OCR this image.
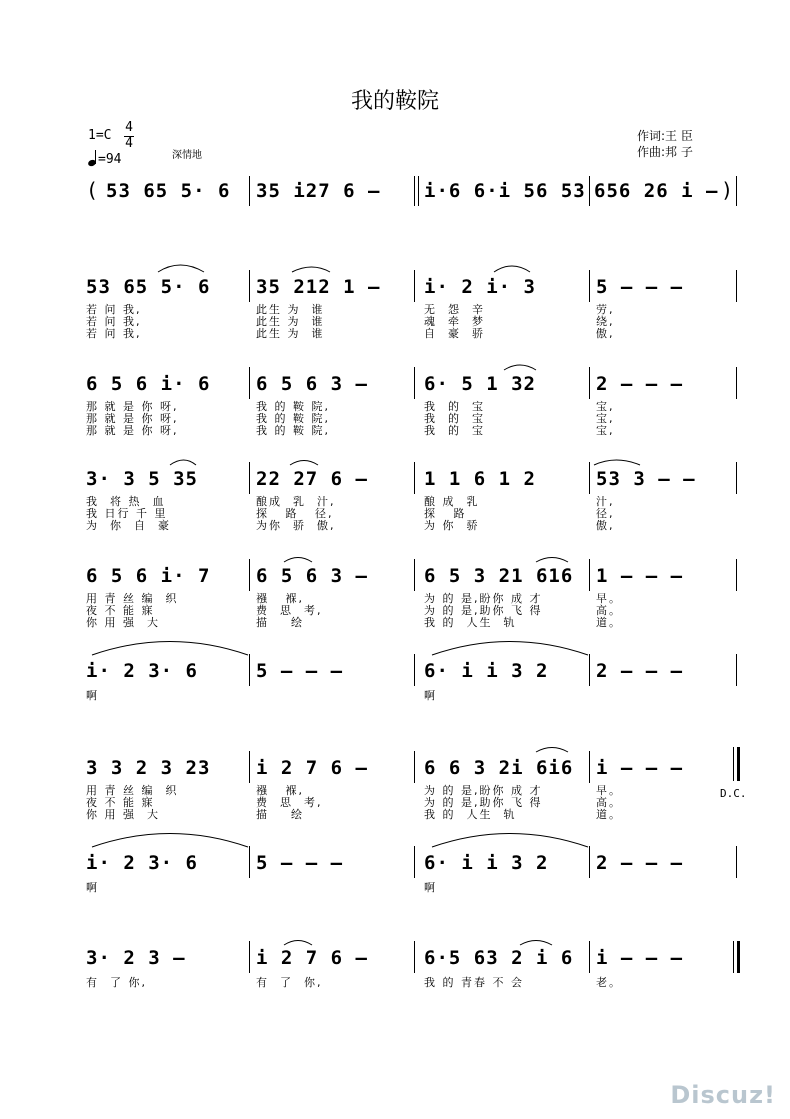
我的鞍院
1=C
4
4
=94	深情地
作词:王 臣
作曲:邦 子
( 53 65 5· 6 35 i27 6 – i·6 6·i 56 53 656 26 i – )
53 65 5· 6 35 212 1 – i· 2 i· 3	5 – – –
若 问 我,	此生 为  谁	无  怨  辛	劳,
若 问 我,	此生 为  谁	魂  牵  梦	绕,
若 问 我,	此生 为  谁	自  豪  骄	傲,
6 5 6 i· 6 6 5 6 3 –	6· 5 1 32	2 – – –
那 就 是 你 呀,	我 的 鞍 院,	我  的  宝	宝,
那 就 是 你 呀,	我 的 鞍 院,	我  的  宝	宝,
那 就 是 你 呀,	我 的 鞍 院,	我  的  宝	宝,
3· 3 5 35	22 27 6 –	1 1 6 1 2	53 3 – –
我  将 热  血	酿成  乳  汁,	酿 成  乳	汁,
我 日行 千 里	探   路   径,	探   路	径,
为  你  自  豪	为你  骄  傲,	为 你  骄	傲,
6 5 6 i· 7 6 5 6 3 –	6 5 3 21 616 1 – – –
用 青 丝 编  织	襁   褓,	为 的 是,盼你 成 才	早。
夜 不 能 寐	费  思  考,	为 的 是,助你 飞 得	高。
你 用 强  大	描    绘	我 的  人生  轨	道。
i· 2 3· 6	5 – – –	6· i i 3 2	2 – – –
啊	啊
3 3 2 3 23 i 2 7 6 –	6 6 3 2i 6i6 i – – –
D.C.
用 青 丝 编  织	襁   褓,	为 的 是,盼你 成 才	早。
夜 不 能 寐	费  思  考,	为 的 是,助你 飞 得	高。
你 用 强  大	描    绘	我 的  人生  轨	道。
i· 2 3· 6	5 – – –	6· i i 3 2	2 – – –
啊	啊
3· 2 3 –	i 2 7 6 –	6·5 63 2 i 6 i – – –
有  了 你,	有  了  你,	我 的 青春 不 会	老。
Discuz!
